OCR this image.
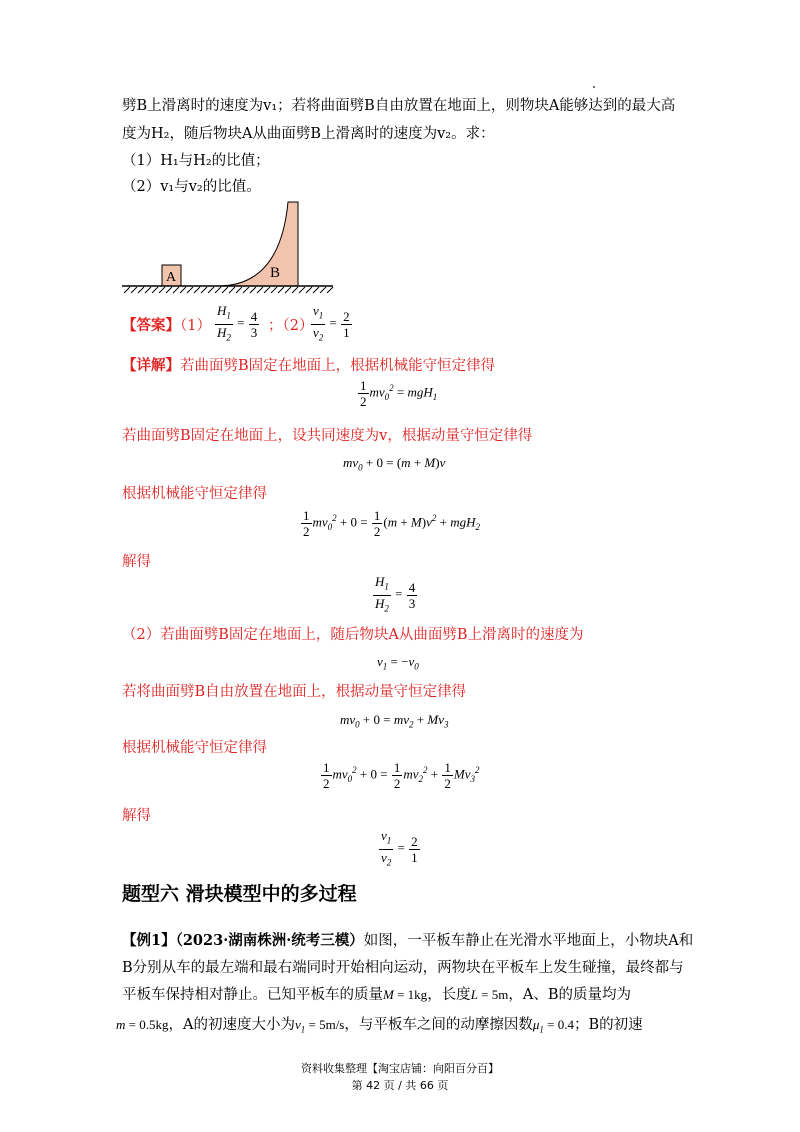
劈B上滑离时的速度为v₁；若将曲面劈B自由放置在地面上，则物块A能够达到的最大高
度为H₂，随后物块A从曲面劈B上滑离时的速度为v₂。求：
（1）H₁与H₂的比值；
（2）v₁与v₂的比值。
A	B
【答案】$(1) \frac{H_1}{H_2} = \frac{4}{3}$ ；（2）
$\frac{v_1}{v_2} = \frac{2}{1}$
【详解】若曲面劈B固定在地面上，根据机械能守恒定律得
$\frac{1}{2} mv_0^2 = mgH_1$
若曲面劈B固定在地面上，设共同速度为v，根据动量守恒定律得
$mv_0 + 0 = (m + M)v$
根据机械能守恒定律得
$\frac{1}{2} mv_0^2 + 0 = \frac{1}{2} (m + M)v^2 + mgH_2$
解得
$\frac{H_1}{H_2} = \frac{4}{3}$
（2）若曲面劈B固定在地面上，随后物块A从曲面劈B上滑离时的速度为
$v_1 = -v_0$
若将曲面劈B自由放置在地面上，根据动量守恒定律得
$mv_0 + 0 = mv_2 + Mv_3$
根据机械能守恒定律得
$\frac{1}{2} mv_0^2 + 0 = \frac{1}{2} mv_2^2 + \frac{1}{2} Mv_3^2$
解得
$\frac{v_1}{v_2} = \frac{2}{1}$
题型六 滑块模型中的多过程
【例1】（2023·湖南株洲·统考三模）如图，一平板车静止在光滑水平地面上，小物块A和
B分别从车的最左端和最右端同时开始相向运动，两物块在平板车上发生碰撞，最终都与
平板车保持相对静止。已知平板车的质量M = 1kg，长度L = 5m，A、B的质量均为
m = 0.5kg，A的初速度大小为$v_1 = 5m/s$，与平板车之间的动摩擦因数$\mu_1 = 0.4$；B的初速
资料收集整理【淘宝店铺：向阳百分百】
第 42 页 / 共 66 页
